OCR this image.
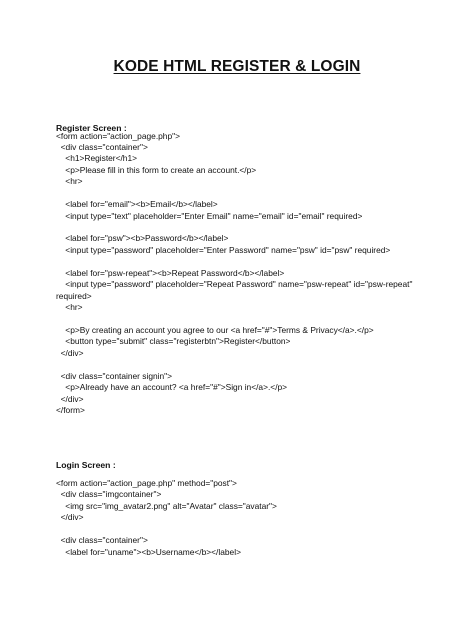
KODE HTML REGISTER & LOGIN
Register Screen :
<form action="action_page.php">
<div class="container">
<h1>Register</h1>
<p>Please fill in this form to create an account.</p>
<hr>
<label for="email"><b>Email</b></label>
<input type="text" placeholder="Enter Email" name="email" id="email" required>
<label for="psw"><b>Password</b></label>
<input type="password" placeholder="Enter Password" name="psw" id="psw" required>
<label for="psw-repeat"><b>Repeat Password</b></label>
<input type="password" placeholder="Repeat Password" name="psw-repeat" id="psw-repeat"
required>
<hr>
<p>By creating an account you agree to our <a href="#">Terms & Privacy</a>.</p>
<button type="submit" class="registerbtn">Register</button>
</div>
<div class="container signin">
<p>Already have an account? <a href="#">Sign in</a>.</p>
</div>
</form>
Login Screen :
<form action="action_page.php" method="post">
<div class="imgcontainer">
<img src="img_avatar2.png" alt="Avatar" class="avatar">
</div>
<div class="container">
<label for="uname"><b>Username</b></label>
